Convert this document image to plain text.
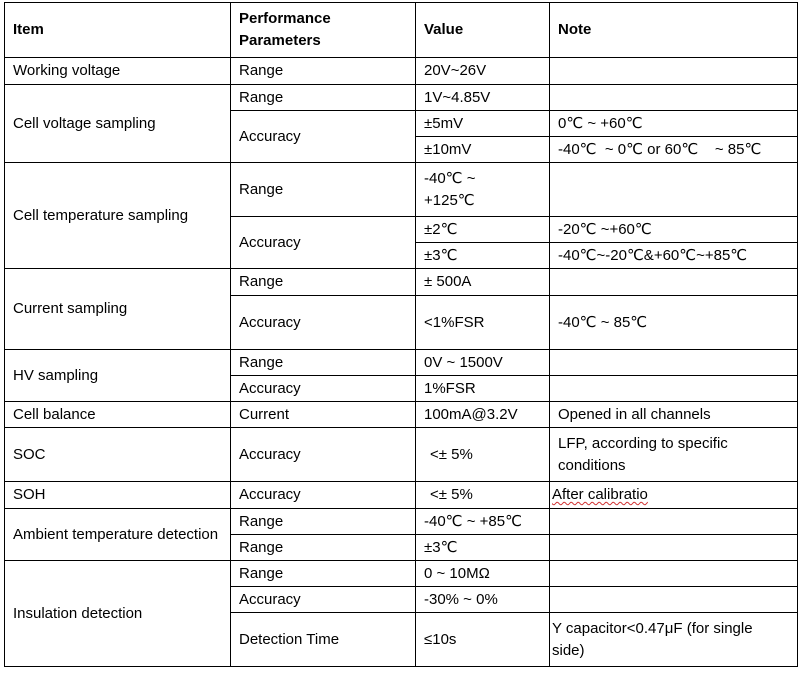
Item	Performance Parameters	Value	Note
Working voltage	Range	20V~26V	
Cell voltage sampling	Range	1V~4.85V	
	Accuracy	±5mV	0℃ ~ +60℃
		±10mV	-40℃  ~ 0℃ or 60℃    ~ 85℃
Cell temperature sampling	Range	-40℃ ~ +125℃	
	Accuracy	±2℃	-20℃ ~+60℃
		±3℃	-40℃~-20℃&+60℃~+85℃
Current sampling	Range	± 500A	
	Accuracy	<1%FSR	-40℃ ~ 85℃
HV sampling	Range	0V ~ 1500V	
	Accuracy	1%FSR	
Cell balance	Current	100mA@3.2V	Opened in all channels
SOC	Accuracy	<± 5%	LFP, according to specific conditions
SOH	Accuracy	<± 5%	After calibratio
Ambient temperature detection	Range	-40℃ ~ +85℃	
	Range	±3℃	
Insulation detection	Range	0 ~ 10MΩ	
	Accuracy	-30% ~ 0%	
	Detection Time	≤10s	Y capacitor<0.47μF (for single side)
